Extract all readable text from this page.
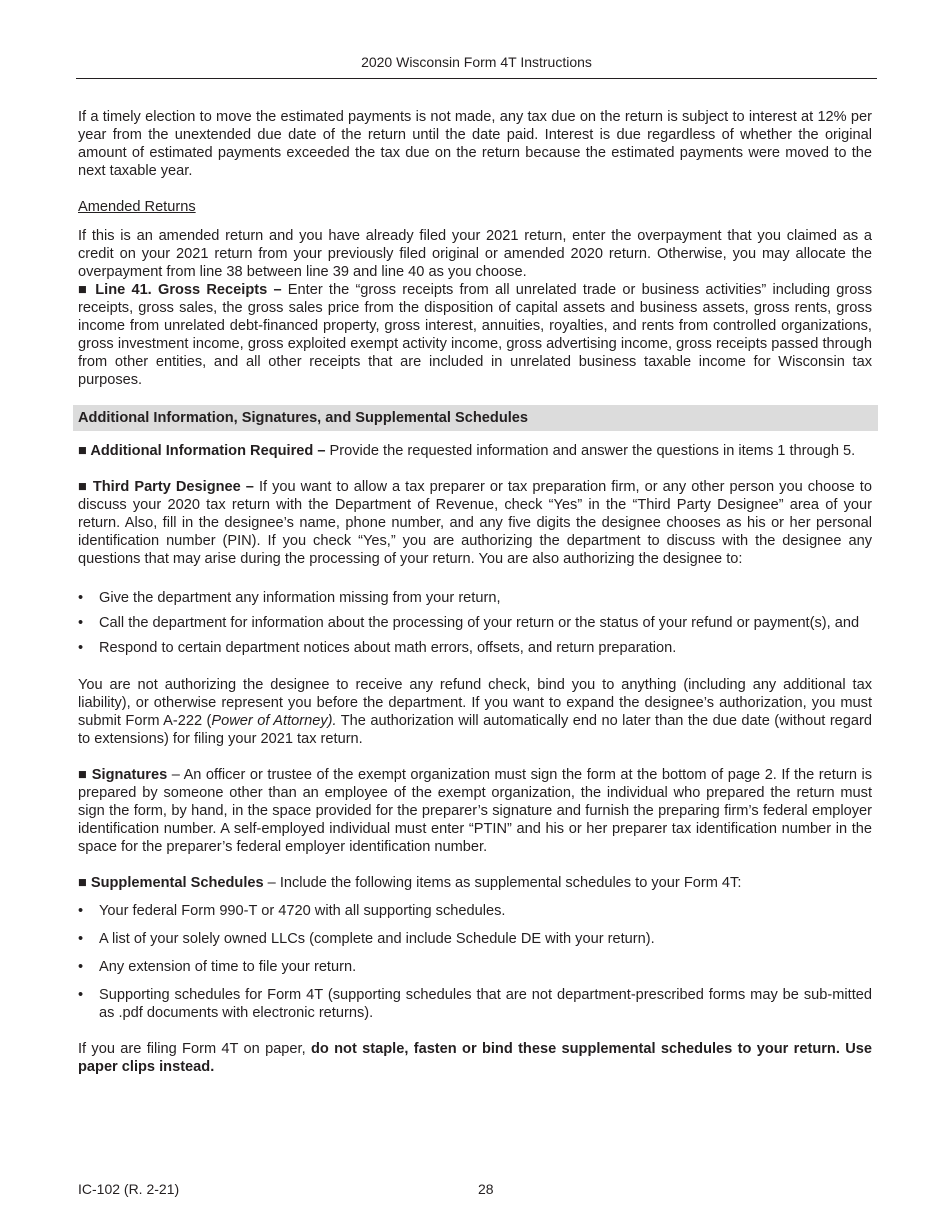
2020 Wisconsin Form 4T Instructions

If a timely election to move the estimated payments is not made, any tax due on the return is subject to interest at 12% per year from the unextended due date of the return until the date paid. Interest is due regardless of whether the original amount of estimated payments exceeded the tax due on the return because the estimated payments were moved to the next taxable year.

Amended Returns

If this is an amended return and you have already filed your 2021 return, enter the overpayment that you claimed as a credit on your 2021 return from your previously filed original or amended 2020 return. Otherwise, you may allocate the overpayment from line 38 between line 39 and line 40 as you choose.

■ Line 41. Gross Receipts – Enter the “gross receipts from all unrelated trade or business activities” including gross receipts, gross sales, the gross sales price from the disposition of capital assets and business assets, gross rents, gross income from unrelated debt-financed property, gross interest, annuities, royalties, and rents from controlled organizations, gross investment income, gross exploited exempt activity income, gross advertising income, gross receipts passed through from other entities, and all other receipts that are included in unrelated business taxable income for Wisconsin tax purposes.

Additional Information, Signatures, and Supplemental Schedules

■ Additional Information Required – Provide the requested information and answer the questions in items 1 through 5.

■ Third Party Designee – If you want to allow a tax preparer or tax preparation firm, or any other person you choose to discuss your 2020 tax return with the Department of Revenue, check “Yes” in the “Third Party Designee” area of your return. Also, fill in the designee’s name, phone number, and any five digits the designee chooses as his or her personal identification number (PIN). If you check “Yes,” you are authorizing the department to discuss with the designee any questions that may arise during the processing of your return. You are also authorizing the designee to:

• Give the department any information missing from your return,
• Call the department for information about the processing of your return or the status of your refund or payment(s), and
• Respond to certain department notices about math errors, offsets, and return preparation.

You are not authorizing the designee to receive any refund check, bind you to anything (including any additional tax liability), or otherwise represent you before the department. If you want to expand the designee’s authorization, you must submit Form A-222 (Power of Attorney). The authorization will automatically end no later than the due date (without regard to extensions) for filing your 2021 tax return.

■ Signatures – An officer or trustee of the exempt organization must sign the form at the bottom of page 2. If the return is prepared by someone other than an employee of the exempt organization, the individual who prepared the return must sign the form, by hand, in the space provided for the preparer’s signature and furnish the preparing firm’s federal employer identification number. A self-employed individual must enter “PTIN” and his or her preparer tax identification number in the space for the preparer’s federal employer identification number.

■ Supplemental Schedules – Include the following items as supplemental schedules to your Form 4T:

• Your federal Form 990-T or 4720 with all supporting schedules.
• A list of your solely owned LLCs (complete and include Schedule DE with your return).
• Any extension of time to file your return.
• Supporting schedules for Form 4T (supporting schedules that are not department-prescribed forms may be sub-mitted as .pdf documents with electronic returns).

If you are filing Form 4T on paper, do not staple, fasten or bind these supplemental schedules to your return. Use paper clips instead.

IC-102 (R. 2-21)	28
